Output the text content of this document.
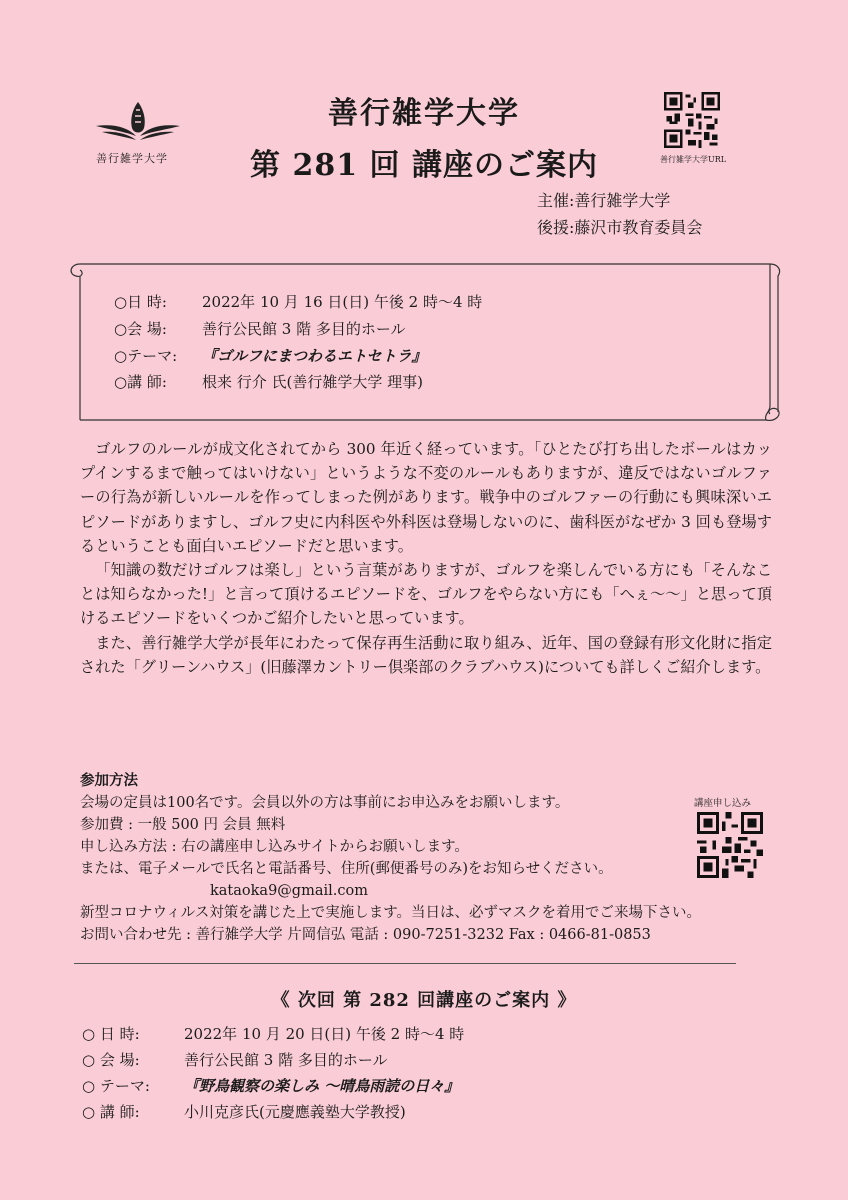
善行雑学大学
善行雑学大学
第 281 回 講座のご案内	善行雑学大学URL
主催:善行雑学大学
後援:藤沢市教育委員会
○日 時: 2022年 10 月 16 日(日) 午後 2 時～4 時
○会 場: 善行公民館 3 階 多目的ホール
○テーマ: 『ゴルフにまつわるエトセトラ』
○講 師: 根来 行介 氏(善行雑学大学 理事)

ゴルフのルールが成文化されてから 300 年近く経っています。「ひとたび打ち出したボールはカップインするまで触ってはいけない」というような不変のルールもありますが、違反ではないゴルファーの行為が新しいルールを作ってしまった例があります。戦争中のゴルファーの行動にも興味深いエピソードがありますし、ゴルフ史に内科医や外科医は登場しないのに、歯科医がなぜか 3 回も登場するということも面白いエピソードだと思います。

「知識の数だけゴルフは楽し」という言葉がありますが、ゴルフを楽しんでいる方にも「そんなことは知らなかった!」と言って頂けるエピソードを、ゴルフをやらない方にも「へぇ～～」と思って頂けるエピソードをいくつかご紹介したいと思っています。

また、善行雑学大学が長年にわたって保存再生活動に取り組み、近年、国の登録有形文化財に指定された「グリーンハウス」(旧藤澤カントリー倶楽部のクラブハウス)についても詳しくご紹介します。

参加方法
会場の定員は100名です。会員以外の方は事前にお申込みをお願いします。
参加費 : 一般 500 円 会員 無料
申し込み方法 : 右の講座申し込みサイトからお願いします。
または、電子メールで氏名と電話番号、住所(郵便番号のみ)をお知らせください。
kataoka9@gmail.com
新型コロナウィルス対策を講じた上で実施します。当日は、必ずマスクを着用でご来場下さい。
お問い合わせ先 : 善行雑学大学 片岡信弘 電話 : 090-7251-3232 Fax : 0466-81-0853
講座申し込み
《 次回 第 282 回講座のご案内 》
○ 日 時:	2022年 10 月 20 日(日) 午後 2 時～4 時
○ 会 場:	善行公民館 3 階 多目的ホール
○ テーマ: 『野鳥観察の楽しみ ～晴鳥雨読の日々』
○ 講 師:	小川克彦氏(元慶應義塾大学教授)
